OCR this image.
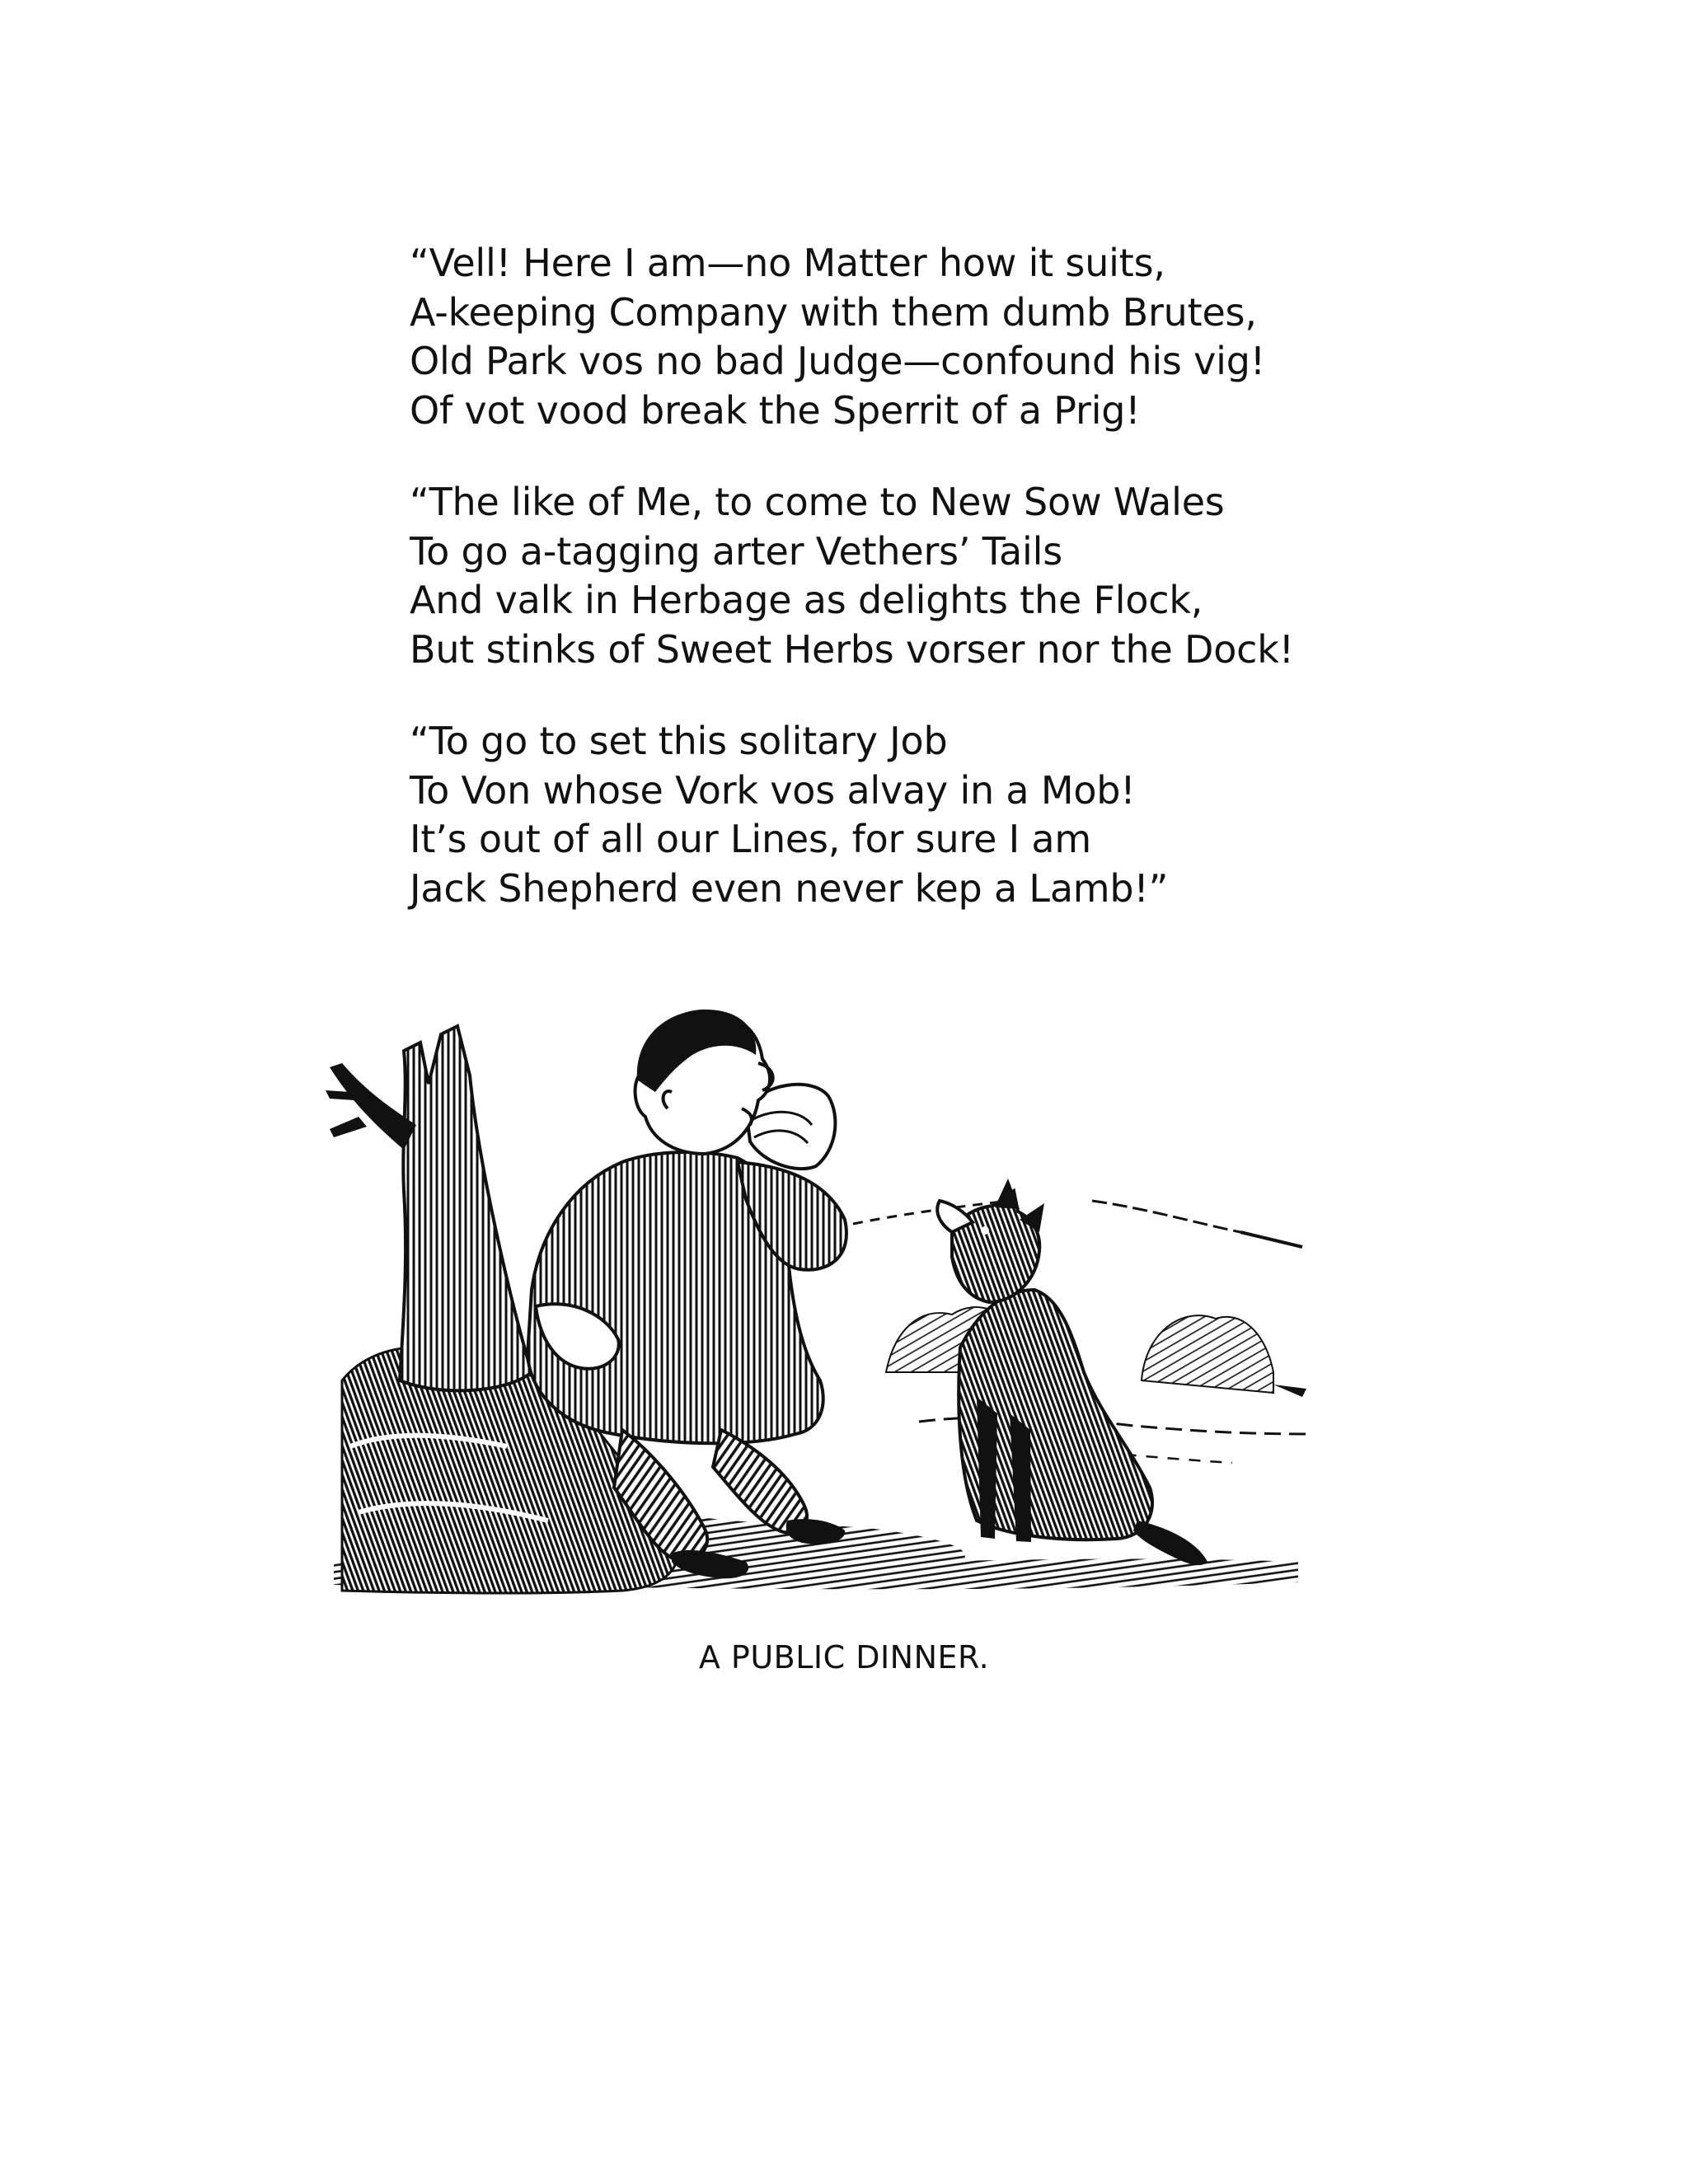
“Vell! Here I am—no Matter how it suits,
A-keeping Company with them dumb Brutes,
Old Park vos no bad Judge—confound his vig!
Of vot vood break the Sperrit of a Prig!
“The like of Me, to come to New Sow Wales
To go a-tagging arter Vethers’ Tails
And valk in Herbage as delights the Flock,
But stinks of Sweet Herbs vorser nor the Dock!
“To go to set this solitary Job
To Von whose Vork vos alvay in a Mob!
It’s out of all our Lines, for sure I am
Jack Shepherd even never kep a Lamb!”
A PUBLIC DINNER.
